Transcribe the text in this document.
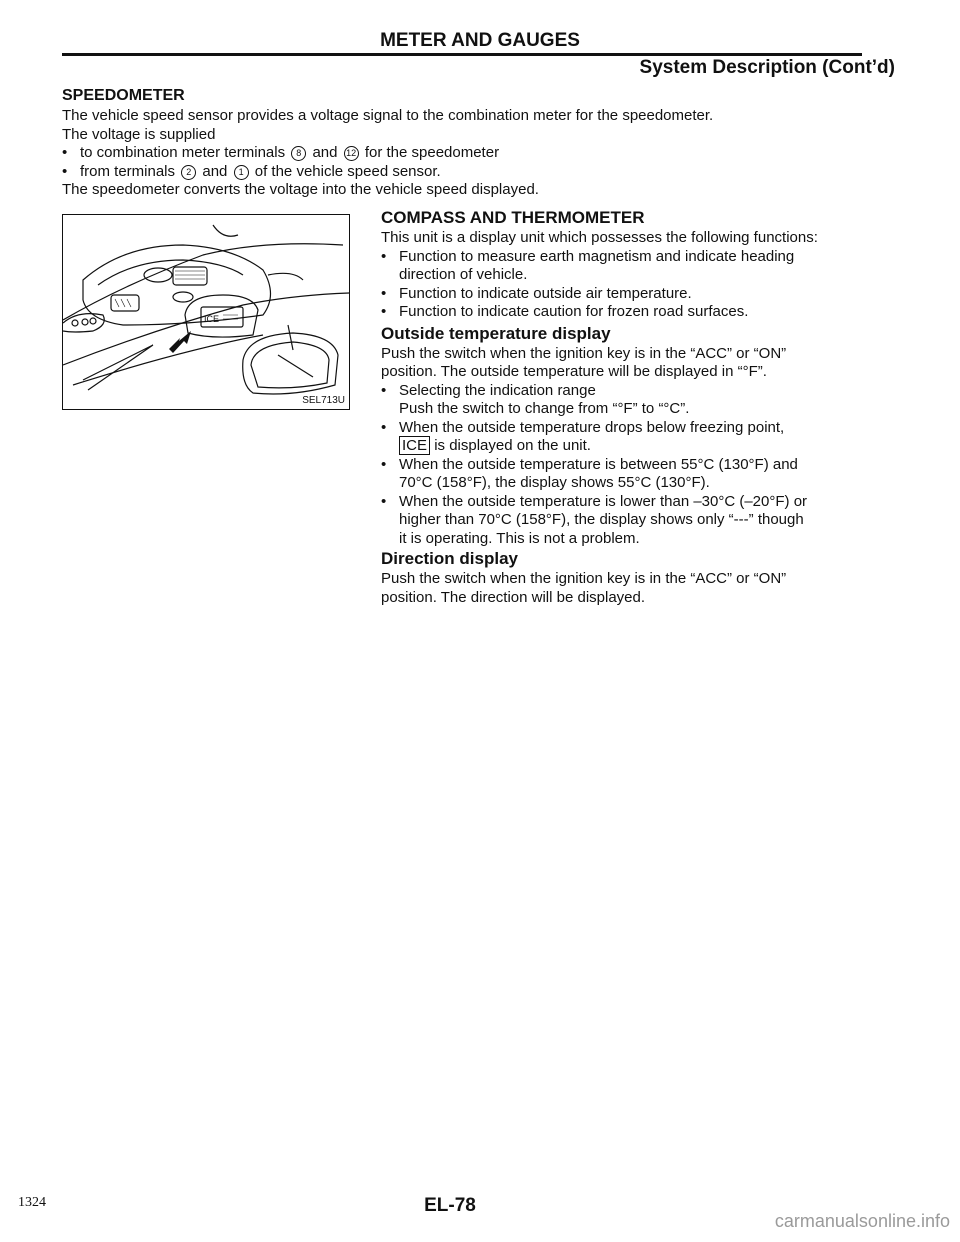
METER AND GAUGES
System Description (Cont’d)
SPEEDOMETER
The vehicle speed sensor provides a voltage signal to the combination meter for the speedometer.
The voltage is supplied
• to combination meter terminals 8 and 12 for the speedometer
• from terminals 2 and 1 of the vehicle speed sensor.
The speedometer converts the voltage into the vehicle speed displayed.
ICE
SEL713U
COMPASS AND THERMOMETER
This unit is a display unit which possesses the following functions:
• Function to measure earth magnetism and indicate heading
direction of vehicle.
• Function to indicate outside air temperature.
• Function to indicate caution for frozen road surfaces.
Outside temperature display
Push the switch when the ignition key is in the “ACC” or “ON”
position. The outside temperature will be displayed in “°F”.
• Selecting the indication range
Push the switch to change from “°F” to “°C”.
• When the outside temperature drops below freezing point,
ICE is displayed on the unit.
• When the outside temperature is between 55°C (130°F) and
70°C (158°F), the display shows 55°C (130°F).
• When the outside temperature is lower than –30°C (–20°F) or
higher than 70°C (158°F), the display shows only “---” though
it is operating. This is not a problem.
Direction display
Push the switch when the ignition key is in the “ACC” or “ON”
position. The direction will be displayed.
1324	EL-78
carmanualsonline.info
